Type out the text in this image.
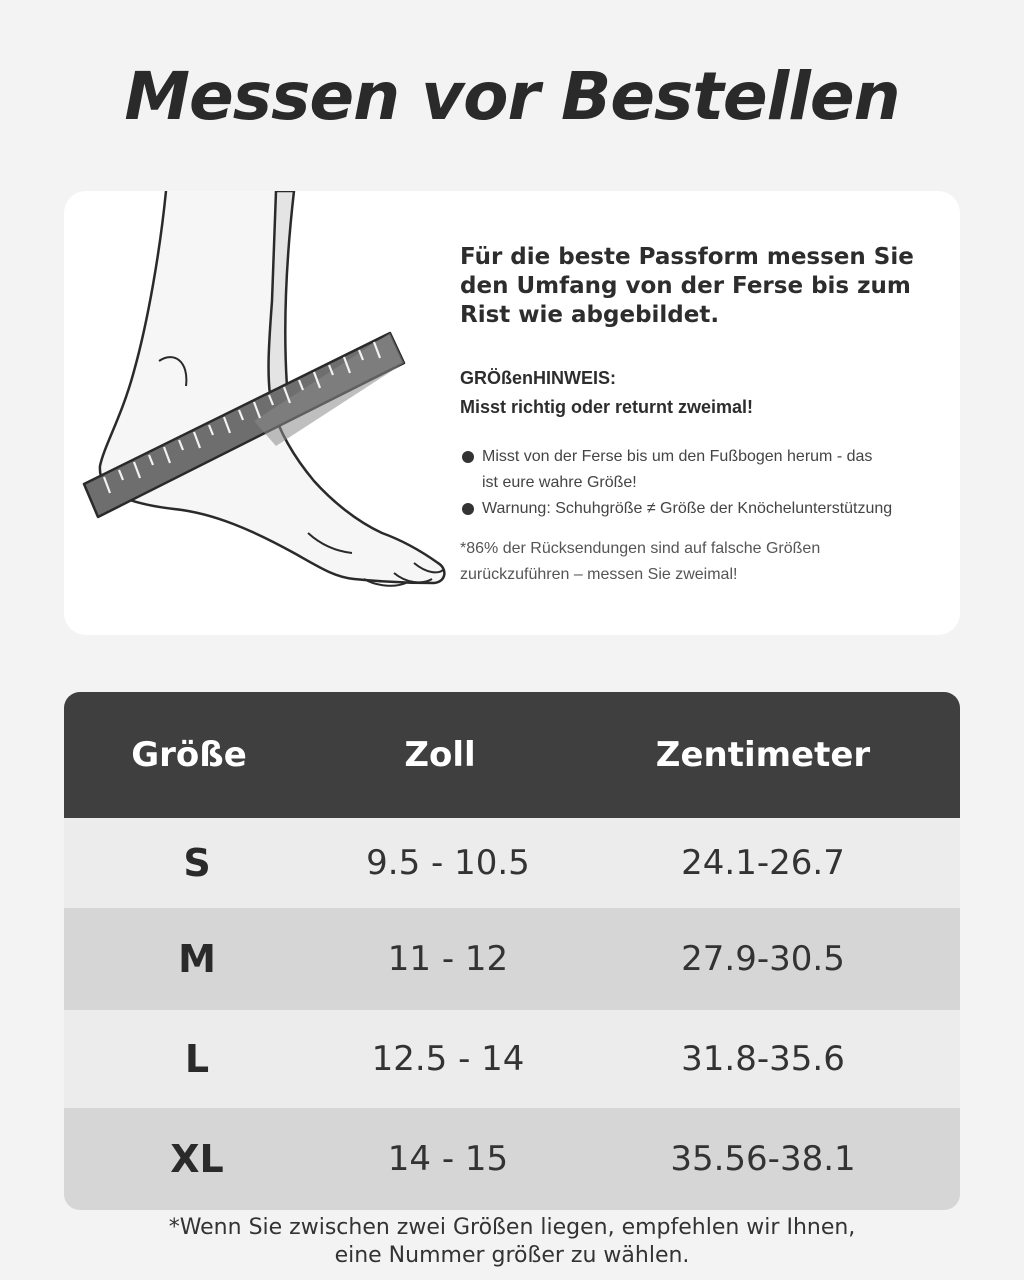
Messen vor Bestellen

Für die beste Passform messen Sie
den Umfang von der Ferse bis zum
Rist wie abgebildet.

GRÖßenHINWEIS:
Misst richtig oder returnt zweimal!
Misst von der Ferse bis um den Fußbogen herum - das
ist eure wahre Größe!
Warnung: Schuhgröße ≠ Größe der Knöchelunterstützung
*86% der Rücksendungen sind auf falsche Größen
zurückzuführen – messen Sie zweimal!
Größe	Zoll	Zentimeter
S	9.5 - 10.5	24.1-26.7
M	11 - 12	27.9-30.5
L	12.5 - 14	31.8-35.6
XL	14 - 15	35.56-38.1
*Wenn Sie zwischen zwei Größen liegen, empfehlen wir Ihnen,
eine Nummer größer zu wählen.
